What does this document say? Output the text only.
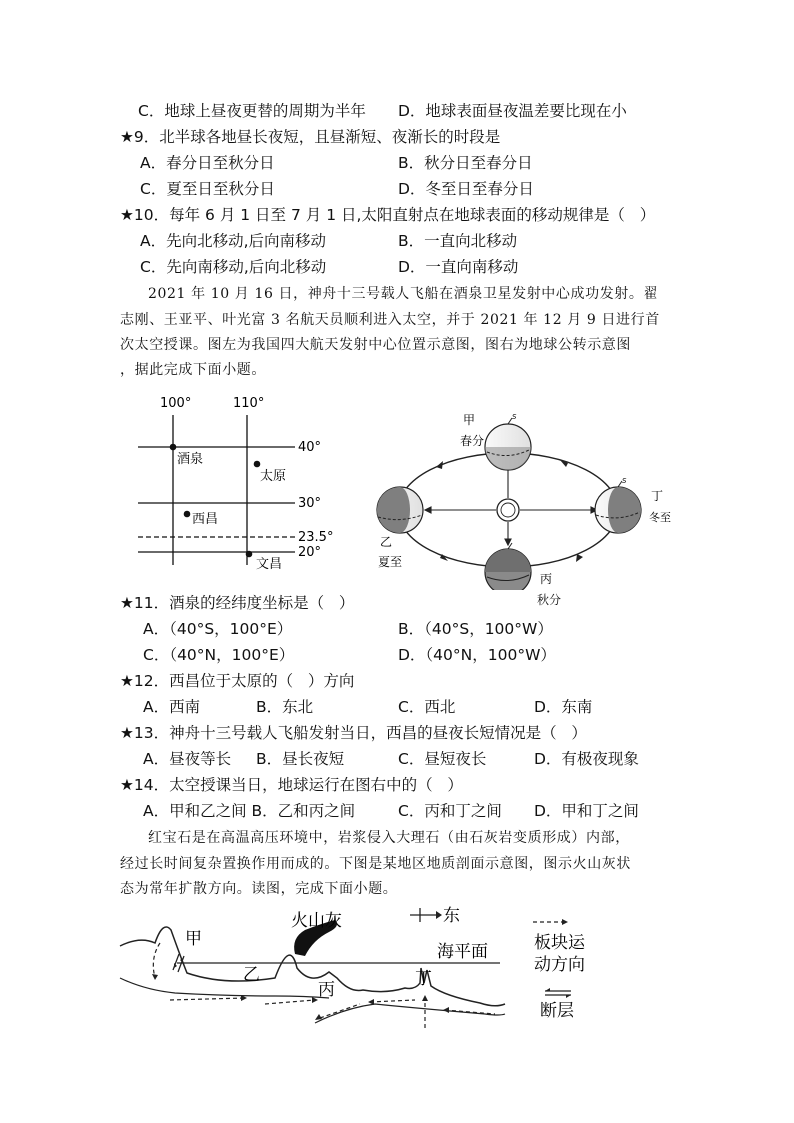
C．地球上昼夜更替的周期为半年 D．地球表面昼夜温差要比现在小
★9．北半球各地昼长夜短，且昼渐短、夜渐长的时段是
A．春分日至秋分日	B．秋分日至春分日
C．夏至日至秋分日	D．冬至日至春分日
★10．每年 6 月 1 日至 7 月 1 日,太阳直射点在地球表面的移动规律是（   ）
A．先向北移动,后向南移动	B．一直向北移动
C．先向南移动,后向北移动	D．一直向南移动
2021 年 10 月 16 日，神舟十三号载人飞船在酒泉卫星发射中心成功发射。翟
志刚、王亚平、叶光富 3 名航天员顺利进入太空，并于 2021 年 12 月 9 日进行首
次太空授课。图左为我国四大航天发射中心位置示意图，图右为地球公转示意图
，据此完成下面小题。
100°	110°
40°
30°
23.5°
20°
酒泉
太原
西昌
文昌
S
甲
春分
乙
夏至
S
丙
S
丁
冬至
秋分
★11．酒泉的经纬度坐标是（   ）
A．（40°S，100°E）	B．（40°S，100°W）
C．（40°N，100°E）	D．（40°N，100°W）
★12．西昌位于太原的（   ）方向
A．西南	B．东北	C．西北	D．东南
★13．神舟十三号载人飞船发射当日，西昌的昼夜长短情况是（   ）
A．昼夜等长 B．昼长夜短	C．昼短夜长	D．有极夜现象
★14．太空授课当日，地球运行在图右中的（   ）
A．甲和乙之间 B．乙和丙之间	C．丙和丁之间 D．甲和丁之间
红宝石是在高温高压环境中，岩浆侵入大理石（由石灰岩变质形成）内部，
经过长时间复杂置换作用而成的。下图是某地区地质剖面示意图，图示火山灰状
态为常年扩散方向。读图，完成下面小题。
海平面
东
甲
乙
丙
丁
火山灰
板块运
动方向
断层
